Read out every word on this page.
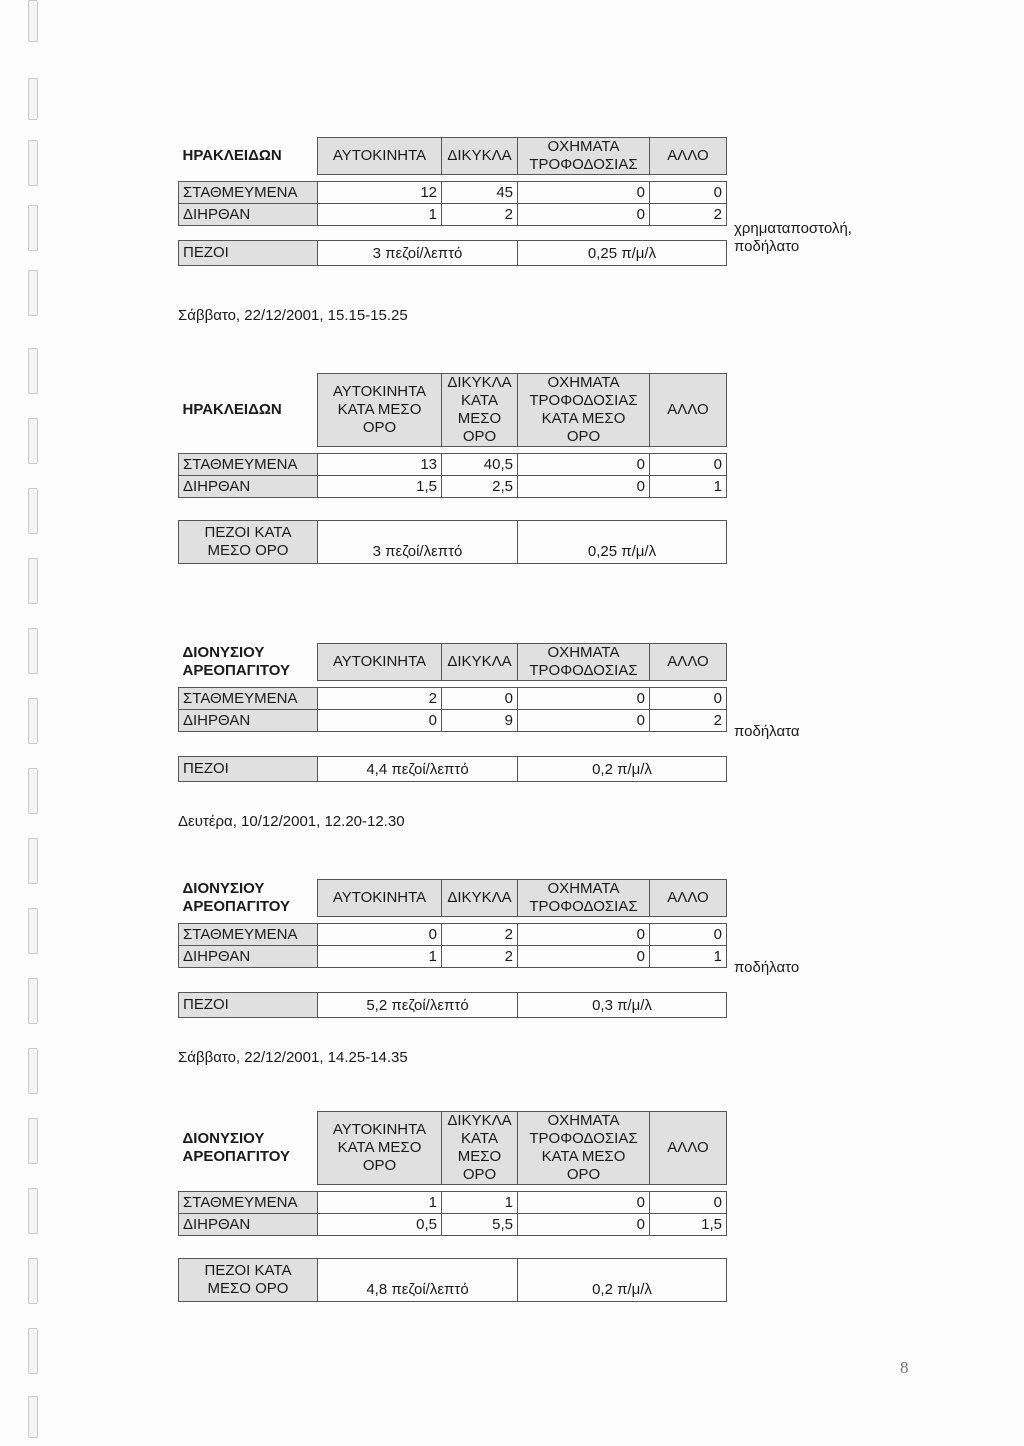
ΗΡΑΚΛΕΙΔΩΝ	ΑΥΤΟΚΙΝΗΤΑ	ΔΙΚΥΚΛΑ	ΟΧΗΜΑΤΑ
ΤΡΟΦΟΔΟΣΙΑΣ	ΑΛΛΟ

ΣΤΑΘΜΕΥΜΕΝΑ	12	45	0	0
ΔΙΗΡΘΑΝ	1	2	0	2
ΠΕΖΟΙ	3 πεζοί/λεπτό	0,25 π/μ/λ
χρηματαποστολή,
ποδήλατο
Σάββατο, 22/12/2001, 15.15-15.25
ΗΡΑΚΛΕΙΔΩΝ	ΑΥΤΟΚΙΝΗΤΑ
ΚΑΤΑ ΜΕΣΟ
ΟΡΟ	ΔΙΚΥΚΛΑ
ΚΑΤΑ
ΜΕΣΟ
ΟΡΟ	ΟΧΗΜΑΤΑ
ΤΡΟΦΟΔΟΣΙΑΣ
ΚΑΤΑ ΜΕΣΟ
ΟΡΟ	ΑΛΛΟ

ΣΤΑΘΜΕΥΜΕΝΑ	13	40,5	0	0
ΔΙΗΡΘΑΝ	1,5	2,5	0	1
ΠΕΖΟΙ ΚΑΤΑ
ΜΕΣΟ ΟΡΟ	3 πεζοί/λεπτό	0,25 π/μ/λ
ΔΙΟΝΥΣΙΟΥ
ΑΡΕΟΠΑΓΙΤΟΥ	ΑΥΤΟΚΙΝΗΤΑ	ΔΙΚΥΚΛΑ	ΟΧΗΜΑΤΑ
ΤΡΟΦΟΔΟΣΙΑΣ	ΑΛΛΟ

ΣΤΑΘΜΕΥΜΕΝΑ	2	0	0	0
ΔΙΗΡΘΑΝ	0	9	0	2
ΠΕΖΟΙ	4,4 πεζοί/λεπτό	0,2 π/μ/λ
ποδήλατα
Δευτέρα, 10/12/2001, 12.20-12.30
ΔΙΟΝΥΣΙΟΥ
ΑΡΕΟΠΑΓΙΤΟΥ	ΑΥΤΟΚΙΝΗΤΑ	ΔΙΚΥΚΛΑ	ΟΧΗΜΑΤΑ
ΤΡΟΦΟΔΟΣΙΑΣ	ΑΛΛΟ

ΣΤΑΘΜΕΥΜΕΝΑ	0	2	0	0
ΔΙΗΡΘΑΝ	1	2	0	1
ΠΕΖΟΙ	5,2 πεζοί/λεπτό	0,3 π/μ/λ
ποδήλατο
Σάββατο, 22/12/2001, 14.25-14.35
ΔΙΟΝΥΣΙΟΥ
ΑΡΕΟΠΑΓΙΤΟΥ	ΑΥΤΟΚΙΝΗΤΑ
ΚΑΤΑ ΜΕΣΟ
ΟΡΟ	ΔΙΚΥΚΛΑ
ΚΑΤΑ
ΜΕΣΟ
ΟΡΟ	ΟΧΗΜΑΤΑ
ΤΡΟΦΟΔΟΣΙΑΣ
ΚΑΤΑ ΜΕΣΟ
ΟΡΟ	ΑΛΛΟ

ΣΤΑΘΜΕΥΜΕΝΑ	1	1	0	0
ΔΙΗΡΘΑΝ	0,5	5,5	0	1,5
ΠΕΖΟΙ ΚΑΤΑ
ΜΕΣΟ ΟΡΟ	4,8 πεζοί/λεπτό	0,2 π/μ/λ
8
